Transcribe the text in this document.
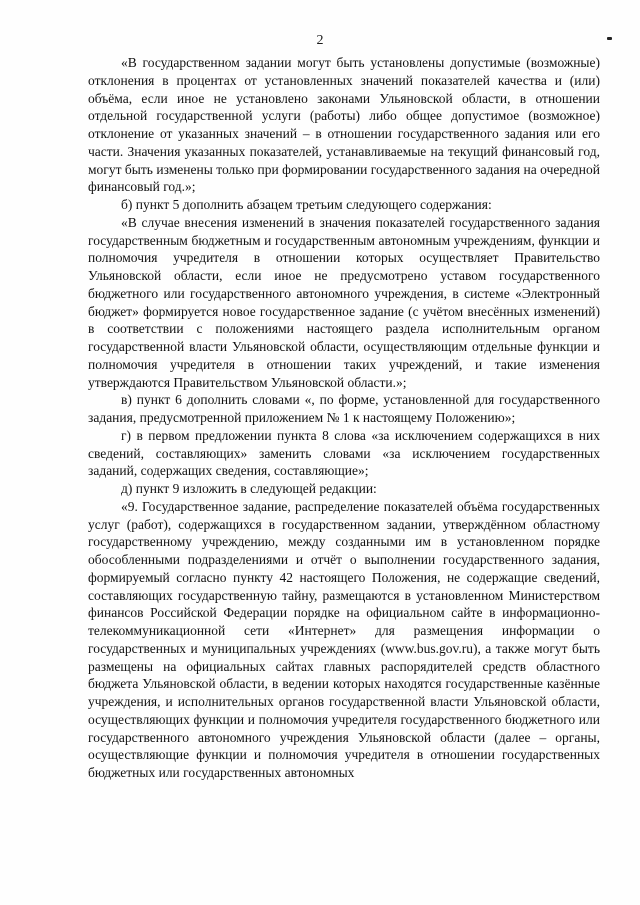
2

«В государственном задании могут быть установлены допустимые (возможные) отклонения в процентах от установленных значений показателей качества и (или) объёма, если иное не установлено законами Ульяновской области, в отношении отдельной государственной услуги (работы) либо общее допустимое (возможное) отклонение от указанных значений – в отношении государственного задания или его части. Значения указанных показателей, устанавливаемые на текущий финансовый год, могут быть изменены только при формировании государственного задания на очередной финансовый год.»;

б) пункт 5 дополнить абзацем третьим следующего содержания:

«В случае внесения изменений в значения показателей государственного задания государственным бюджетным и государственным автономным учреждениям, функции и полномочия учредителя в отношении которых осуществляет Правительство Ульяновской области, если иное не предусмотрено уставом государственного бюджетного или государственного автономного учреждения, в системе «Электронный бюджет» формируется новое государственное задание (с учётом внесённых изменений) в соответствии с положениями настоящего раздела исполнительным органом государственной власти Ульяновской области, осуществляющим отдельные функции и полномочия учредителя в отношении таких учреждений, и такие изменения утверждаются Правительством Ульяновской области.»;

в) пункт 6 дополнить словами «, по форме, установленной для государственного задания, предусмотренной приложением № 1 к настоящему Положению»;

г) в первом предложении пункта 8 слова «за исключением содержащихся в них сведений, составляющих» заменить словами «за исключением государственных заданий, содержащих сведения, составляющие»;

д) пункт 9 изложить в следующей редакции:

«9. Государственное задание, распределение показателей объёма государственных услуг (работ), содержащихся в государственном задании, утверждённом областному государственному учреждению, между созданными им в установленном порядке обособленными подразделениями и отчёт о выполнении государственного задания, формируемый согласно пункту 42 настоящего Положения, не содержащие сведений, составляющих государственную тайну, размещаются в установленном Министерством финансов Российской Федерации порядке на официальном сайте в информационно-телекоммуникационной сети «Интернет» для размещения информации о государственных и муниципальных учреждениях (www.bus.gov.ru), а также могут быть размещены на официальных сайтах главных распорядителей средств областного бюджета Ульяновской области, в ведении которых находятся государственные казённые учреждения, и исполнительных органов государственной власти Ульяновской области, осуществляющих функции и полномочия учредителя государственного бюджетного или государственного автономного учреждения Ульяновской области (далее – органы, осуществляющие функции и полномочия учредителя в отношении государственных бюджетных или государственных автономных
